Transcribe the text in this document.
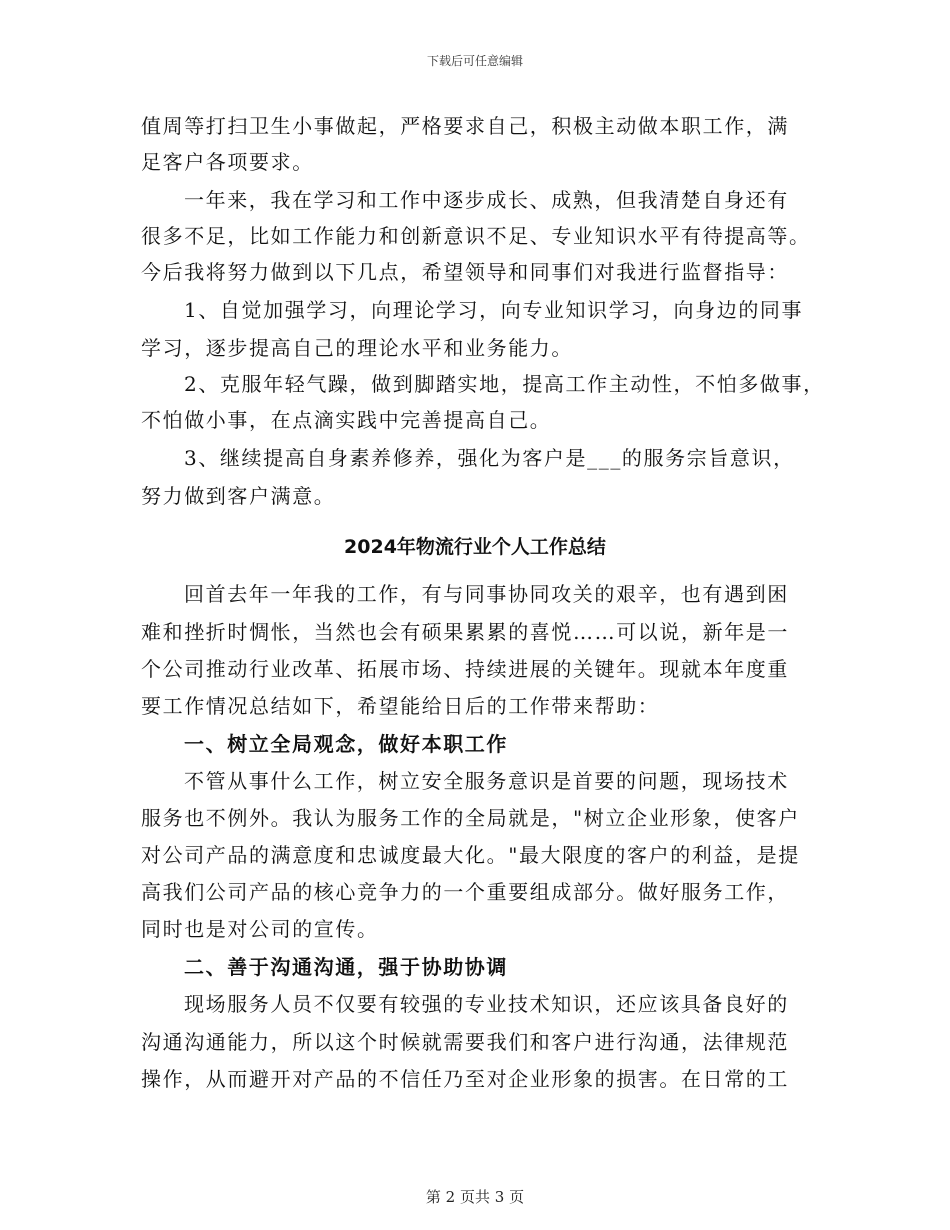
下载后可任意编辑

值周等打扫卫生小事做起，严格要求自己，积极主动做本职工作，满

足客户各项要求。

一年来，我在学习和工作中逐步成长、成熟，但我清楚自身还有

很多不足，比如工作能力和创新意识不足、专业知识水平有待提高等。

今后我将努力做到以下几点，希望领导和同事们对我进行监督指导：

1、自觉加强学习，向理论学习，向专业知识学习，向身边的同事

学习，逐步提高自己的理论水平和业务能力。

2、克服年轻气躁，做到脚踏实地，提高工作主动性，不怕多做事，

不怕做小事，在点滴实践中完善提高自己。

3、继续提高自身素养修养，强化为客户是___的服务宗旨意识，

努力做到客户满意。

2024年物流行业个人工作总结

回首去年一年我的工作，有与同事协同攻关的艰辛，也有遇到困

难和挫折时惆怅，当然也会有硕果累累的喜悦……可以说，新年是一

个公司推动行业改革、拓展市场、持续进展的关键年。现就本年度重

要工作情况总结如下，希望能给日后的工作带来帮助：

一、树立全局观念，做好本职工作

不管从事什么工作，树立安全服务意识是首要的问题，现场技术

服务也不例外。我认为服务工作的全局就是，"树立企业形象，使客户

对公司产品的满意度和忠诚度最大化。"最大限度的客户的利益，是提

高我们公司产品的核心竞争力的一个重要组成部分。做好服务工作，

同时也是对公司的宣传。

二、善于沟通沟通，强于协助协调

现场服务人员不仅要有较强的专业技术知识，还应该具备良好的

沟通沟通能力，所以这个时候就需要我们和客户进行沟通，法律规范

操作，从而避开对产品的不信任乃至对企业形象的损害。在日常的工

第 2 页共 3 页
